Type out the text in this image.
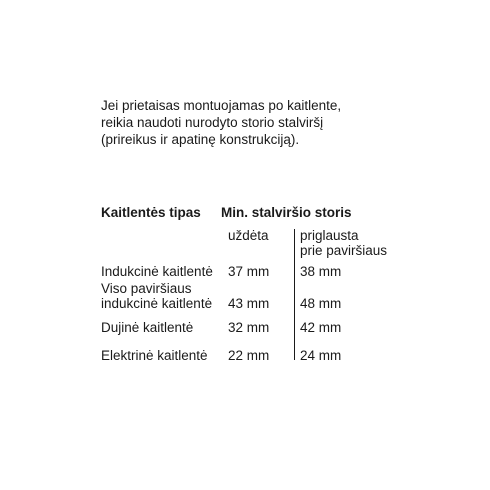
Jei prietaisas montuojamas po kaitlente,
reikia naudoti nurodyto storio stalviršį
(prireikus ir apatinę konstrukciją).
Kaitlentės tipas Min. stalviršio storis
uždėta priglausta
prie paviršiaus
Indukcinė kaitlentė 37 mm 38 mm
Viso paviršiaus
indukcinė kaitlentė 43 mm 48 mm
Dujinė kaitlentė	32 mm 42 mm
Elektrinė kaitlentė 22 mm 24 mm
